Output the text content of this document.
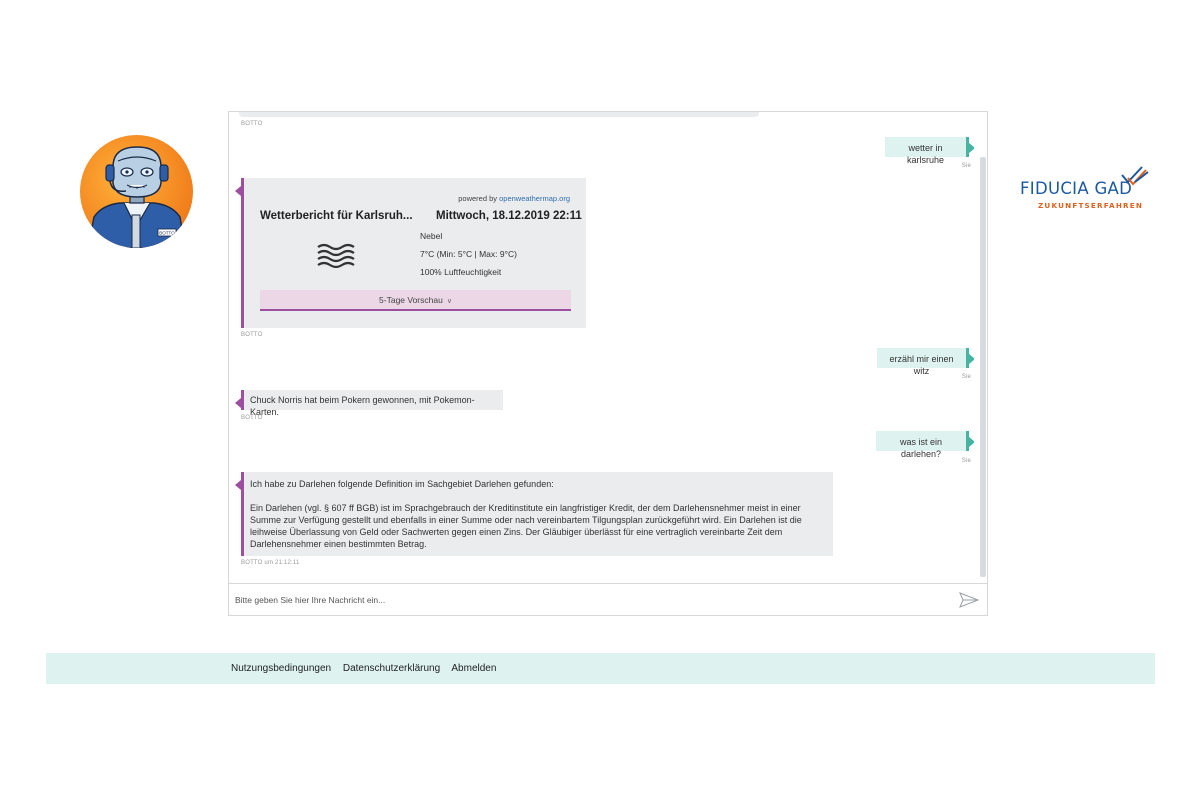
BOTTO
FIDUCIA GAD
ZUKUNFTSERFAHREN
BOTTO
wetter in karlsruhe
Sie
powered by openweathermap.org
Wetterbericht für Karlsruh... Mittwoch, 18.12.2019 22:11
Nebel
7°C (Min: 5°C | Max: 9°C)
100% Luftfeuchtigkeit
5-Tage Vorschau ∨
BOTTO
erzähl mir einen witz
Sie
Chuck Norris hat beim Pokern gewonnen, mit Pokemon-Karten.
BOTTO
was ist ein darlehen?
Sie
Ich habe zu Darlehen folgende Definition im Sachgebiet Darlehen gefunden:
Ein Darlehen (vgl. § 607 ff BGB) ist im Sprachgebrauch der Kreditinstitute ein langfristiger Kredit, der dem Darlehensnehmer meist in einer Summe zur Verfügung gestellt und ebenfalls in einer Summe oder nach vereinbartem Tilgungsplan zurückgeführt wird. Ein Darlehen ist die leihweise Überlassung von Geld oder Sachwerten gegen einen Zins. Der Gläubiger überlässt für eine vertraglich vereinbarte Zeit dem Darlehensnehmer einen bestimmten Betrag.
BOTTO um 21:12:11
Bitte geben Sie hier Ihre Nachricht ein...
Nutzungsbedingungen Datenschutzerklärung Abmelden
